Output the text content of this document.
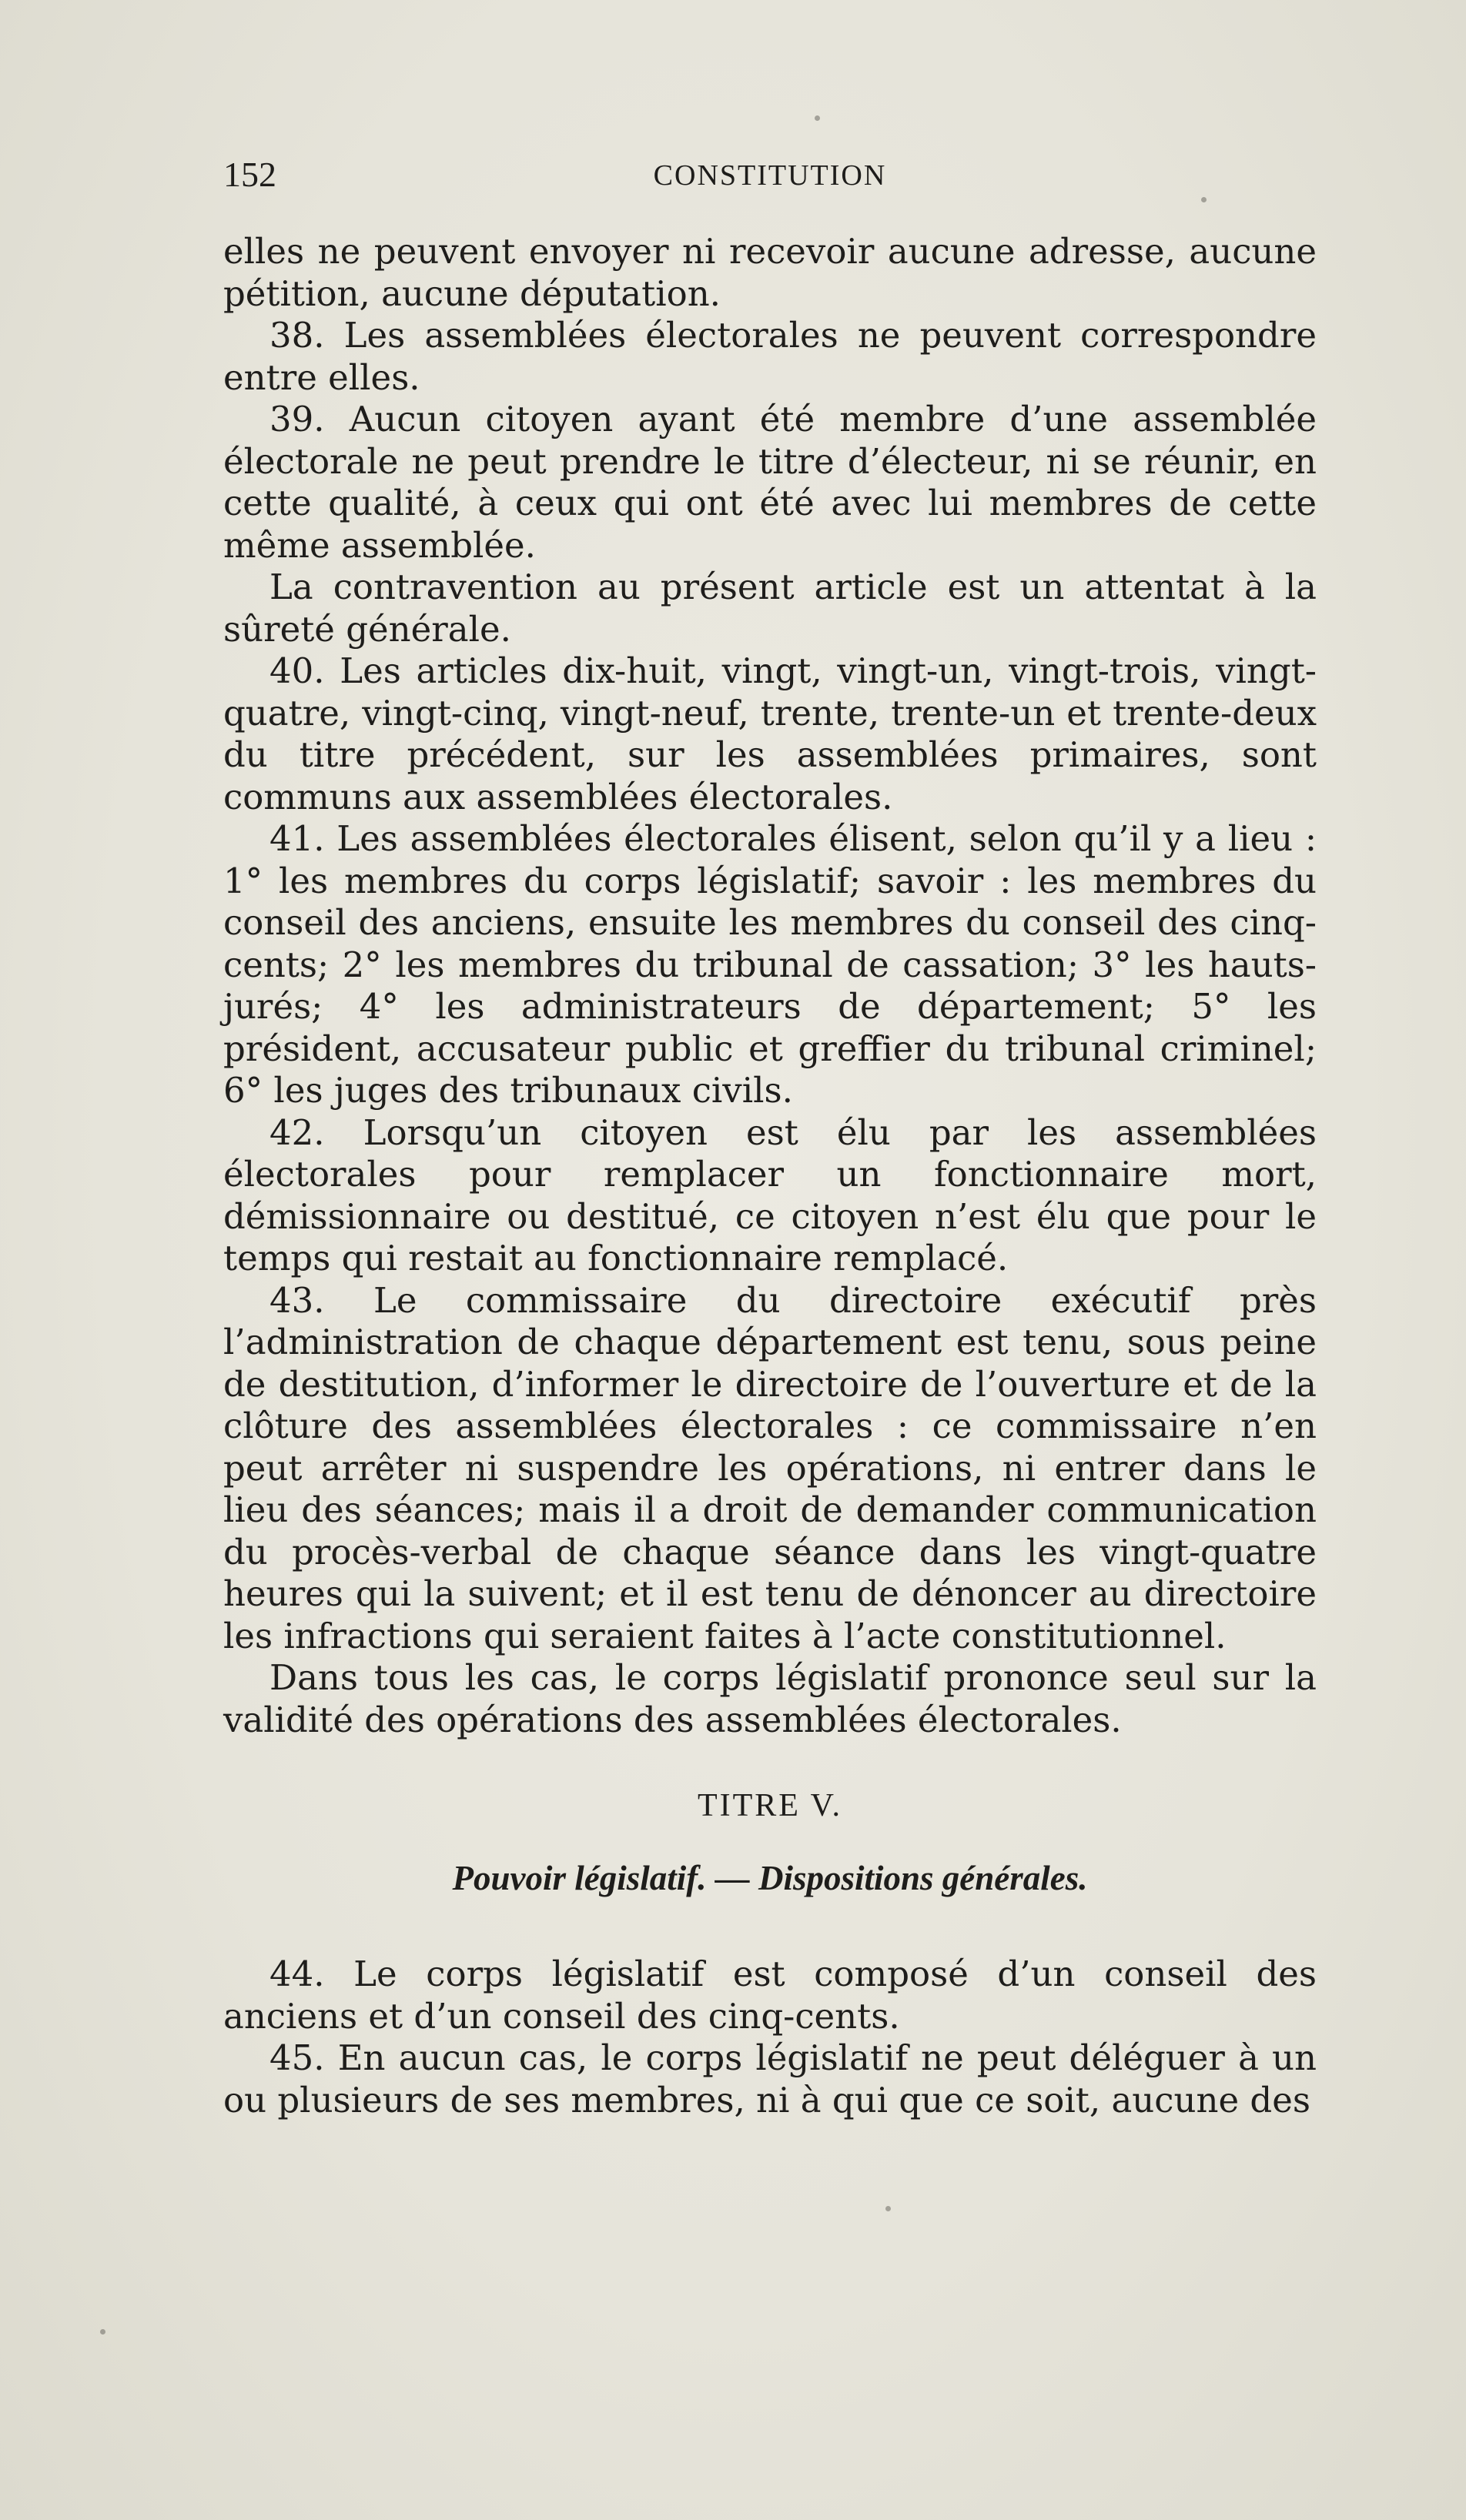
152	CONSTITUTION

elles ne peuvent envoyer ni recevoir aucune adresse, aucune pétition, aucune députation.

38. Les assemblées électorales ne peuvent correspondre entre elles.

39. Aucun citoyen ayant été membre d’une assemblée électorale ne peut prendre le titre d’électeur, ni se réunir, en cette qualité, à ceux qui ont été avec lui membres de cette même assemblée.

La contravention au présent article est un attentat à la sûreté générale.

40. Les articles dix-huit, vingt, vingt-un, vingt-trois, vingt-quatre, vingt-cinq, vingt-neuf, trente, trente-un et trente-deux du titre précédent, sur les assemblées primaires, sont communs aux assemblées électorales.

41. Les assemblées électorales élisent, selon qu’il y a lieu : 1° les membres du corps législatif; savoir : les membres du conseil des anciens, ensuite les membres du conseil des cinq-cents; 2° les membres du tribunal de cassation; 3° les hauts-jurés; 4° les administrateurs de département; 5° les président, accusateur public et greffier du tribunal criminel; 6° les juges des tribunaux civils.

42. Lorsqu’un citoyen est élu par les assemblées électorales pour remplacer un fonctionnaire mort, démissionnaire ou destitué, ce citoyen n’est élu que pour le temps qui restait au fonctionnaire remplacé.

43. Le commissaire du directoire exécutif près l’administration de chaque département est tenu, sous peine de destitution, d’informer le directoire de l’ouverture et de la clôture des assemblées électorales : ce commissaire n’en peut arrêter ni suspendre les opérations, ni entrer dans le lieu des séances; mais il a droit de demander communication du procès-verbal de chaque séance dans les vingt-quatre heures qui la suivent; et il est tenu de dénoncer au directoire les infractions qui seraient faites à l’acte constitutionnel.

Dans tous les cas, le corps législatif prononce seul sur la validité des opérations des assemblées électorales.

TITRE V.
Pouvoir législatif. — Dispositions générales.

44. Le corps législatif est composé d’un conseil des anciens et d’un conseil des cinq-cents.

45. En aucun cas, le corps législatif ne peut déléguer à un ou plusieurs de ses membres, ni à qui que ce soit, aucune des
